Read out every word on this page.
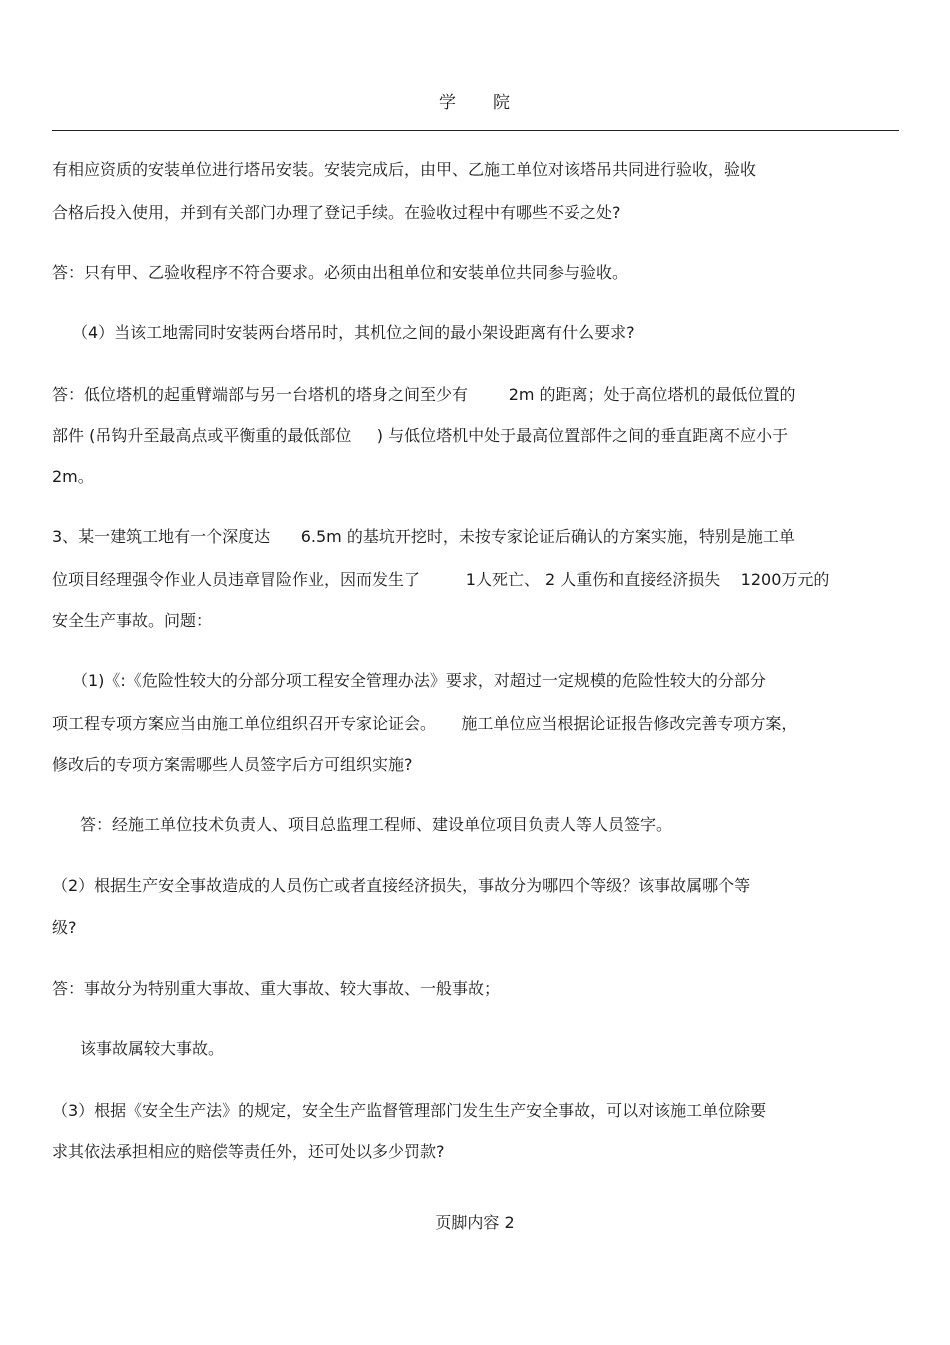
学 院
有相应资质的安装单位进行塔吊安装。安装完成后，由甲、乙施工单位对该塔吊共同进行验收，验收
合格后投入使用，并到有关部门办理了登记手续。在验收过程中有哪些不妥之处?
答：只有甲、乙验收程序不符合要求。必须由出租单位和安装单位共同参与验收。
（4）当该工地需同时安装两台塔吊时，其机位之间的最小架设距离有什么要求?
答：低位塔机的起重臂端部与另一台塔机的塔身之间至少有        2m 的距离；处于高位塔机的最低位置的
部件 (吊钩升至最高点或平衡重的最低部位     ) 与低位塔机中处于最高位置部件之间的垂直距离不应小于
2m。
3、某一建筑工地有一个深度达      6.5m 的基坑开挖时，未按专家论证后确认的方案实施，特别是施工单
位项目经理强令作业人员违章冒险作业，因而发生了         1人死亡、 2 人重伤和直接经济损失    1200万元的
安全生产事故。问题：
（1)《:《危险性较大的分部分项工程安全管理办法》要求，对超过一定规模的危险性较大的分部分
项工程专项方案应当由施工单位组织召开专家论证会。     施工单位应当根据论证报告修改完善专项方案，
修改后的专项方案需哪些人员签字后方可组织实施?
答：经施工单位技术负责人、项目总监理工程师、建设单位项目负责人等人员签字。
（2）根据生产安全事故造成的人员伤亡或者直接经济损失，事故分为哪四个等级？该事故属哪个等
级?
答：事故分为特别重大事故、重大事故、较大事故、一般事故；
该事故属较大事故。
（3）根据《安全生产法》的规定，安全生产监督管理部门发生生产安全事故，可以对该施工单位除要
求其依法承担相应的赔偿等责任外，还可处以多少罚款?
页脚内容 2
